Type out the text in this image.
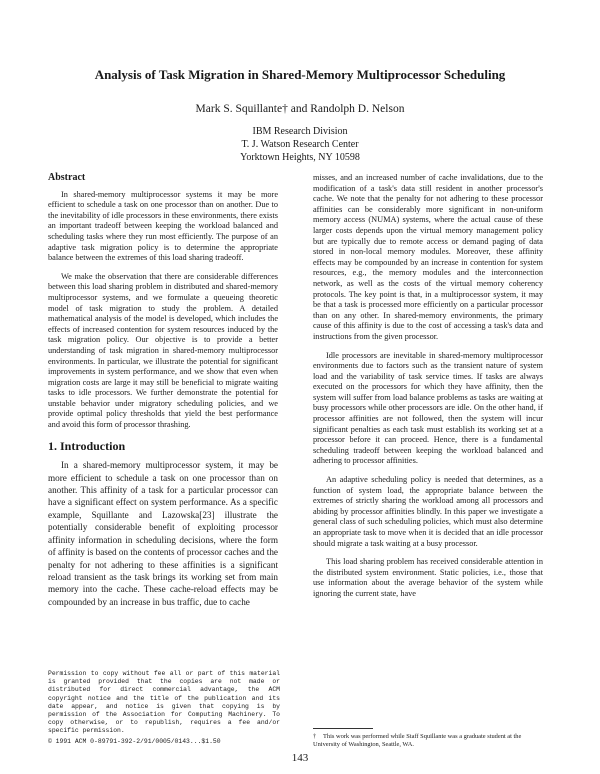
Analysis of Task Migration in Shared-Memory Multiprocessor Scheduling
Mark S. Squillante† and Randolph D. Nelson
IBM Research Division
T. J. Watson Research Center
Yorktown Heights, NY 10598
Abstract

In shared-memory multiprocessor systems it may be more efficient to schedule a task on one processor than on another. Due to the inevitability of idle processors in these environments, there exists an important tradeoff between keeping the workload balanced and scheduling tasks where they run most efficiently. The purpose of an adaptive task migration policy is to determine the appropriate balance between the extremes of this load sharing tradeoff.

We make the observation that there are considerable differences between this load sharing problem in distributed and shared-memory multiprocessor systems, and we formulate a queueing theoretic model of task migration to study the problem. A detailed mathematical analysis of the model is developed, which includes the effects of increased contention for system resources induced by the task migration policy. Our objective is to provide a better understanding of task migration in shared-memory multiprocessor environments. In particular, we illustrate the potential for significant improvements in system performance, and we show that even when migration costs are large it may still be beneficial to migrate waiting tasks to idle processors. We further demonstrate the potential for unstable behavior under migratory scheduling policies, and we provide optimal policy thresholds that yield the best performance and avoid this form of processor thrashing.

1. Introduction

In a shared-memory multiprocessor system, it may be more efficient to schedule a task on one processor than on another. This affinity of a task for a particular processor can have a significant effect on system performance. As a specific example, Squillante and Lazowska[23] illustrate the potentially considerable benefit of exploiting processor affinity information in scheduling decisions, where the form of affinity is based on the contents of processor caches and the penalty for not adhering to these affinities is a significant reload transient as the task brings its working set from main memory into the cache. These cache-reload effects may be compounded by an increase in bus traffic, due to cache

misses, and an increased number of cache invalidations, due to the modification of a task's data still resident in another processor's cache. We note that the penalty for not adhering to these processor affinities can be considerably more significant in non-uniform memory access (NUMA) systems, where the actual cause of these larger costs depends upon the virtual memory management policy but are typically due to remote access or demand paging of data stored in non-local memory modules. Moreover, these affinity effects may be compounded by an increase in contention for system resources, e.g., the memory modules and the interconnection network, as well as the costs of the virtual memory coherency protocols. The key point is that, in a multiprocessor system, it may be that a task is processed more efficiently on a particular processor than on any other. In shared-memory environments, the primary cause of this affinity is due to the cost of accessing a task's data and instructions from the given processor.

Idle processors are inevitable in shared-memory multiprocessor environments due to factors such as the transient nature of system load and the variability of task service times. If tasks are always executed on the processors for which they have affinity, then the system will suffer from load balance problems as tasks are waiting at busy processors while other processors are idle. On the other hand, if processor affinities are not followed, then the system will incur significant penalties as each task must establish its working set at a processor before it can proceed. Hence, there is a fundamental scheduling tradeoff between keeping the workload balanced and adhering to processor affinities.

An adaptive scheduling policy is needed that determines, as a function of system load, the appropriate balance between the extremes of strictly sharing the workload among all processors and abiding by processor affinities blindly. In this paper we investigate a general class of such scheduling policies, which must also determine an appropriate task to move when it is decided that an idle processor should migrate a task waiting at a busy processor.

This load sharing problem has received considerable attention in the distributed system environment. Static policies, i.e., those that use information about the average behavior of the system while ignoring the current state, have

Permission to copy without fee all or part of this material is granted provided that the copies are not made or distributed for direct commercial advantage, the ACM copyright notice and the title of the publication and its date appear, and notice is given that copying is by permission of the Association for Computing Machinery. To copy otherwise, or to republish, requires a fee and/or specific permission.
© 1991 ACM 0-89791-392-2/91/0005/0143...$1.50
† This work was performed while Staff Squillante was a graduate student at the University of Washington, Seattle, WA.
143
